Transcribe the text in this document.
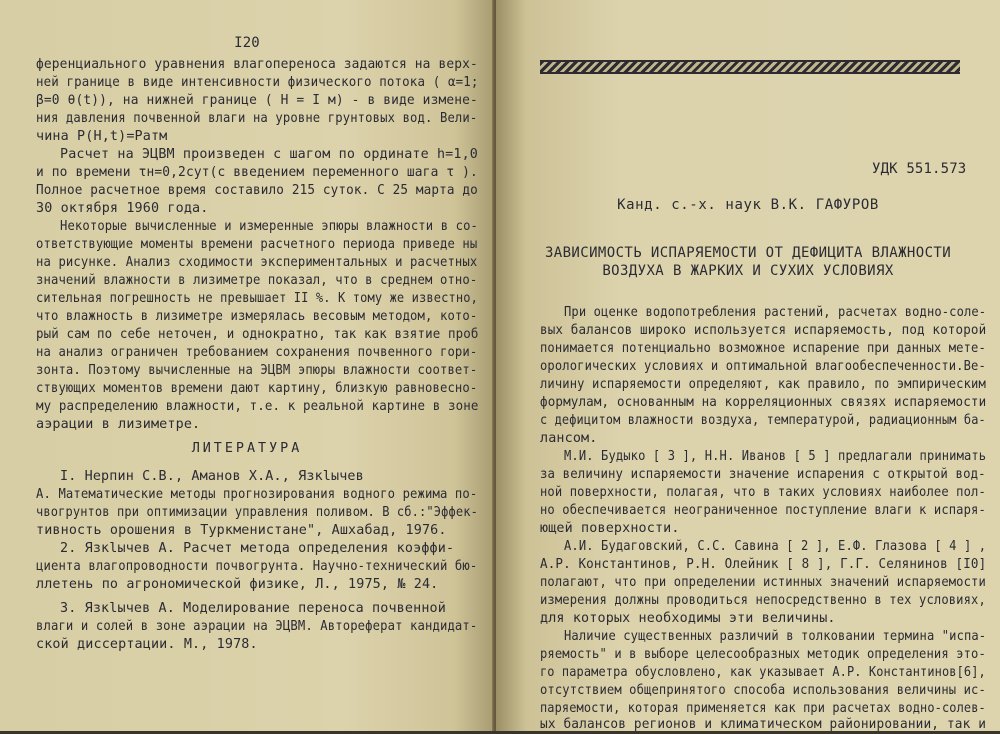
I20
ференциального уравнения влагопереноса задаются на верх-
ней границе в виде интенсивности физического потока ( α=1;
β=0 θ(t)), на нижней границе ( H = I м) - в виде измене-
ния давления почвенной влаги на уровне грунтовых вод. Вели-
чина P(H,t)=Pатм
Расчет на ЭЦВМ произведен с шагом по ординате h=1,0
и по времени τн=0,2сут(с введением переменного шага τ ).
Полное расчетное время составило 215 суток. С 25 марта до
30 октября 1960 года.
Некоторые вычисленные и измеренные эпюры влажности в со-
ответствующие моменты времени расчетного периода приведе ны
на рисунке. Анализ сходимости экспериментальных и расчетных
значений влажности в лизиметре показал, что в среднем отно-
сительная погрешность не превышает II %. К тому же известно,
что влажность в лизиметре измерялась весовым методом, кото-
рый сам по себе неточен, и однократно, так как взятие проб
на анализ ограничен требованием сохранения почвенного гори-
зонта. Поэтому вычисленные на ЭЦВМ эпюры влажности соответ-
ствующих моментов времени дают картину, близкую равновесно-
му распределению влажности, т.е. к реальной картине в зоне
аэрации в лизиметре.
ЛИТЕРАТУРА
I. Нерпин С.В., Аманов Х.А., Язкlычев
А. Математические методы прогнозирования водного режима по-
чвогрунтов при оптимизации управления поливом. В сб.:"Эффек-
тивность орошения в Туркменистане", Ашхабад, 1976.
2. Язкlычев А. Расчет метода определения коэффи-
циента влагопроводности почвогрунта. Научно-технический бю-
ллетень по агрономической физике, Л., 1975, № 24.
3. Язкlычев А. Моделирование переноса почвенной
влаги и солей в зоне аэрации на ЭЦВМ. Автореферат кандидат-
ской диссертации. М., 1978.
УДК 551.573
Канд. с.-х. наук В.К. ГАФУРОВ
ЗАВИСИМОСТЬ ИСПАРЯЕМОСТИ ОТ ДЕФИЦИТА ВЛАЖНОСТИ
ВОЗДУХА В ЖАРКИХ И СУХИХ УСЛОВИЯХ
При оценке водопотребления растений, расчетах водно-соле-
вых балансов широко используется испаряемость, под которой
понимается потенциально возможное испарение при данных мете-
орологических условиях и оптимальной влагообеспеченности.Ве-
личину испаряемости определяют, как правило, по эмпирическим
формулам, основанным на корреляционных связях испаряемости
с дефицитом влажности воздуха, температурой, радиационным ба-
лансом.
М.И. Будыко [ 3 ], Н.Н. Иванов [ 5 ] предлагали принимать
за величину испаряемости значение испарения с открытой вод-
ной поверхности, полагая, что в таких условиях наиболее пол-
но обеспечивается неограниченное поступление влаги к испаря-
ющей поверхности.
А.И. Будаговский, С.С. Савина [ 2 ], Е.Ф. Глазова [ 4 ] ,
А.Р. Константинов, Р.Н. Олейник [ 8 ], Г.Г. Селянинов [I0]
полагают, что при определении истинных значений испаряемости
измерения должны проводиться непосредственно в тех условиях,
для которых необходимы эти величины.
Наличие существенных различий в толковании термина "испа-
ряемость" и в выборе целесообразных методик определения это-
го параметра обусловлено, как указывает А.Р. Константинов[6],
отсутствием общепринятого способа использования величины ис-
паряемости, которая применяется как при расчетах водно-солев-
ых балансов регионов и климатическом районировании, так и
